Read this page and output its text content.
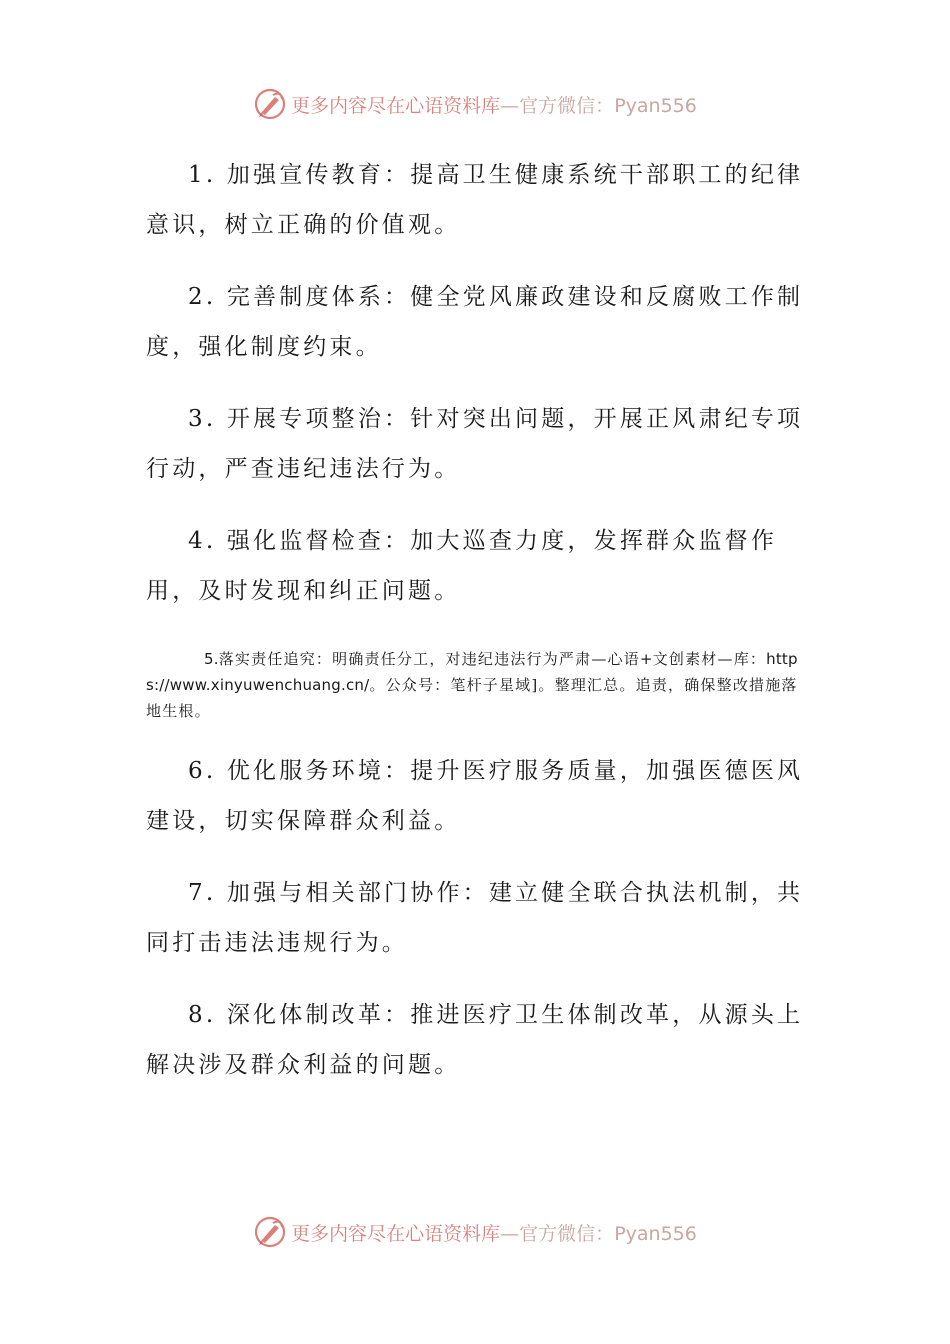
更多内容尽在心语资料库—官方微信：Pyan556

1. 加强宣传教育：提高卫生健康系统干部职工的纪律意识，树立正确的价值观。

2. 完善制度体系：健全党风廉政建设和反腐败工作制度，强化制度约束。

3. 开展专项整治：针对突出问题，开展正风肃纪专项行动，严查违纪违法行为。

4. 强化监督检查：加大巡查力度，发挥群众监督作用，及时发现和纠正问题。

5.落实责任追究：明确责任分工，对违纪违法行为严肃—心语+文创素材—库：https://www.xinyuwenchuang.cn/。公众号：笔杆子星域]。整理汇总。追责，确保整改措施落地生根。

6. 优化服务环境：提升医疗服务质量，加强医德医风建设，切实保障群众利益。

7. 加强与相关部门协作：建立健全联合执法机制，共同打击违法违规行为。

8. 深化体制改革：推进医疗卫生体制改革，从源头上解决涉及群众利益的问题。

更多内容尽在心语资料库—官方微信：Pyan556
